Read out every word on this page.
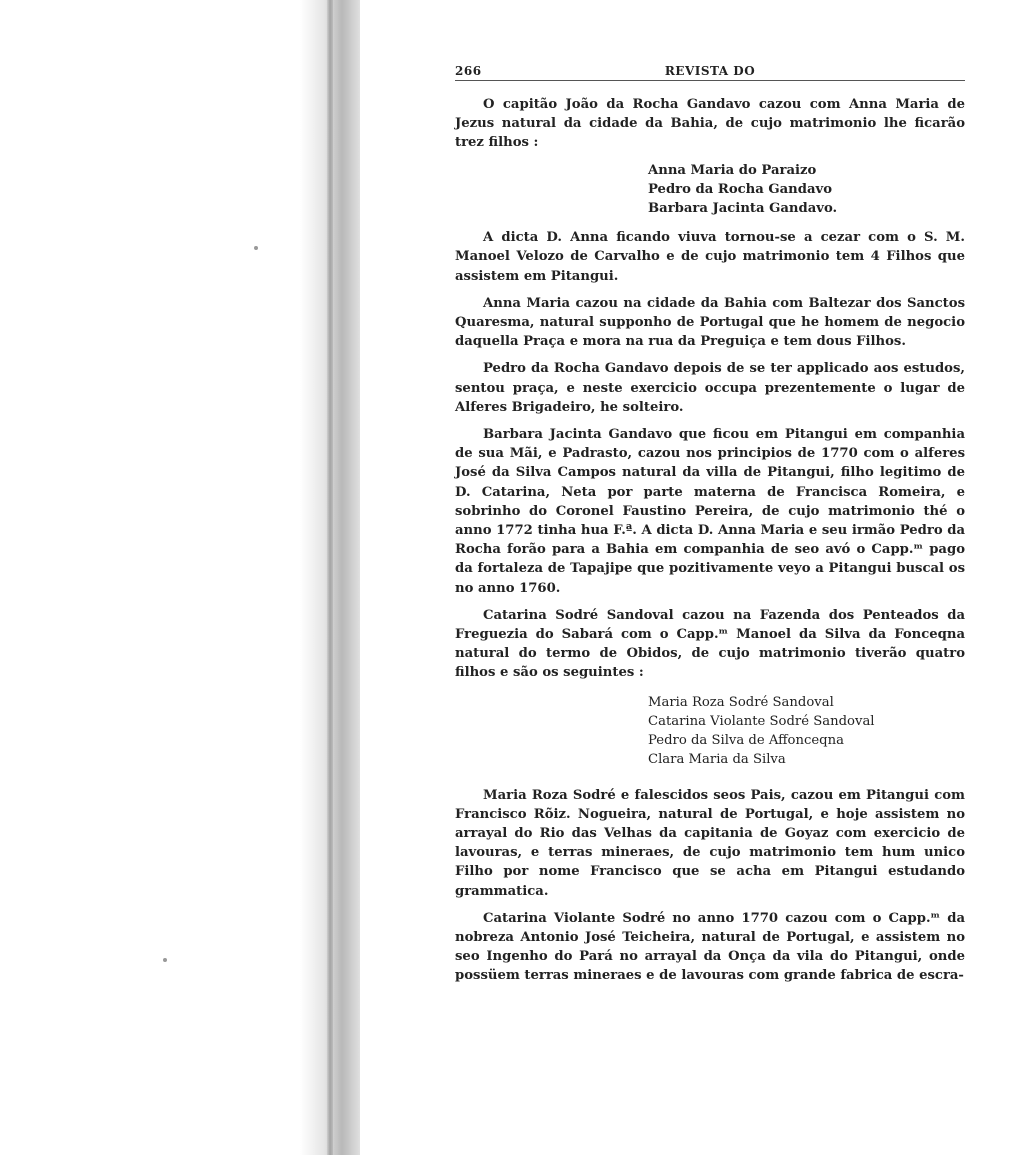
266	REVISTA DO

O capitão João da Rocha Gandavo cazou com Anna Maria de Jezus natural da cidade da Bahia, de cujo matrimonio lhe ficarão trez filhos :

Anna Maria do Paraizo
Pedro da Rocha Gandavo
Barbara Jacinta Gandavo.

A dicta D. Anna ficando viuva tornou-se a cezar com o S. M. Manoel Velozo de Carvalho e de cujo matrimonio tem 4 Filhos que assistem em Pitangui.

Anna Maria cazou na cidade da Bahia com Baltezar dos Sanctos Quaresma, natural supponho de Portugal que he homem de negocio daquella Praça e mora na rua da Preguiça e tem dous Filhos.

Pedro da Rocha Gandavo depois de se ter applicado aos estudos, sentou praça, e neste exercicio occupa prezentemente o lugar de Alferes Brigadeiro, he solteiro.

Barbara Jacinta Gandavo que ficou em Pitangui em companhia de sua Mãi, e Padrasto, cazou nos principios de 1770 com o alferes José da Silva Campos natural da villa de Pitangui, filho legitimo de D. Catarina, Neta por parte materna de Francisca Romeira, e sobrinho do Coronel Faustino Pereira, de cujo matrimonio thé o anno 1772 tinha hua F.ª. A dicta D. Anna Maria e seu irmão Pedro da Rocha forão para a Bahia em companhia de seo avó o Capp.ᵐ pago da fortaleza de Tapajipe que pozitivamente veyo a Pitangui buscal os no anno 1760.

Catarina Sodré Sandoval cazou na Fazenda dos Penteados da Freguezia do Sabará com o Capp.ᵐ Manoel da Silva da Fonceqna natural do termo de Obidos, de cujo matrimonio tiverão quatro filhos e são os seguintes :

Maria Roza Sodré Sandoval
Catarina Violante Sodré Sandoval
Pedro da Silva de Affonceqna
Clara Maria da Silva

Maria Roza Sodré e falescidos seos Pais, cazou em Pitangui com Francisco Rõiz. Nogueira, natural de Portugal, e hoje assistem no arrayal do Rio das Velhas da capitania de Goyaz com exercicio de lavouras, e terras mineraes, de cujo matrimonio tem hum unico Filho por nome Francisco que se acha em Pitangui estudando grammatica.

Catarina Violante Sodré no anno 1770 cazou com o Capp.ᵐ da nobreza Antonio José Teicheira, natural de Portugal, e assistem no seo Ingenho do Pará no arrayal da Onça da vila do Pitangui, onde possüem terras mineraes e de lavouras com grande fabrica de escra-
